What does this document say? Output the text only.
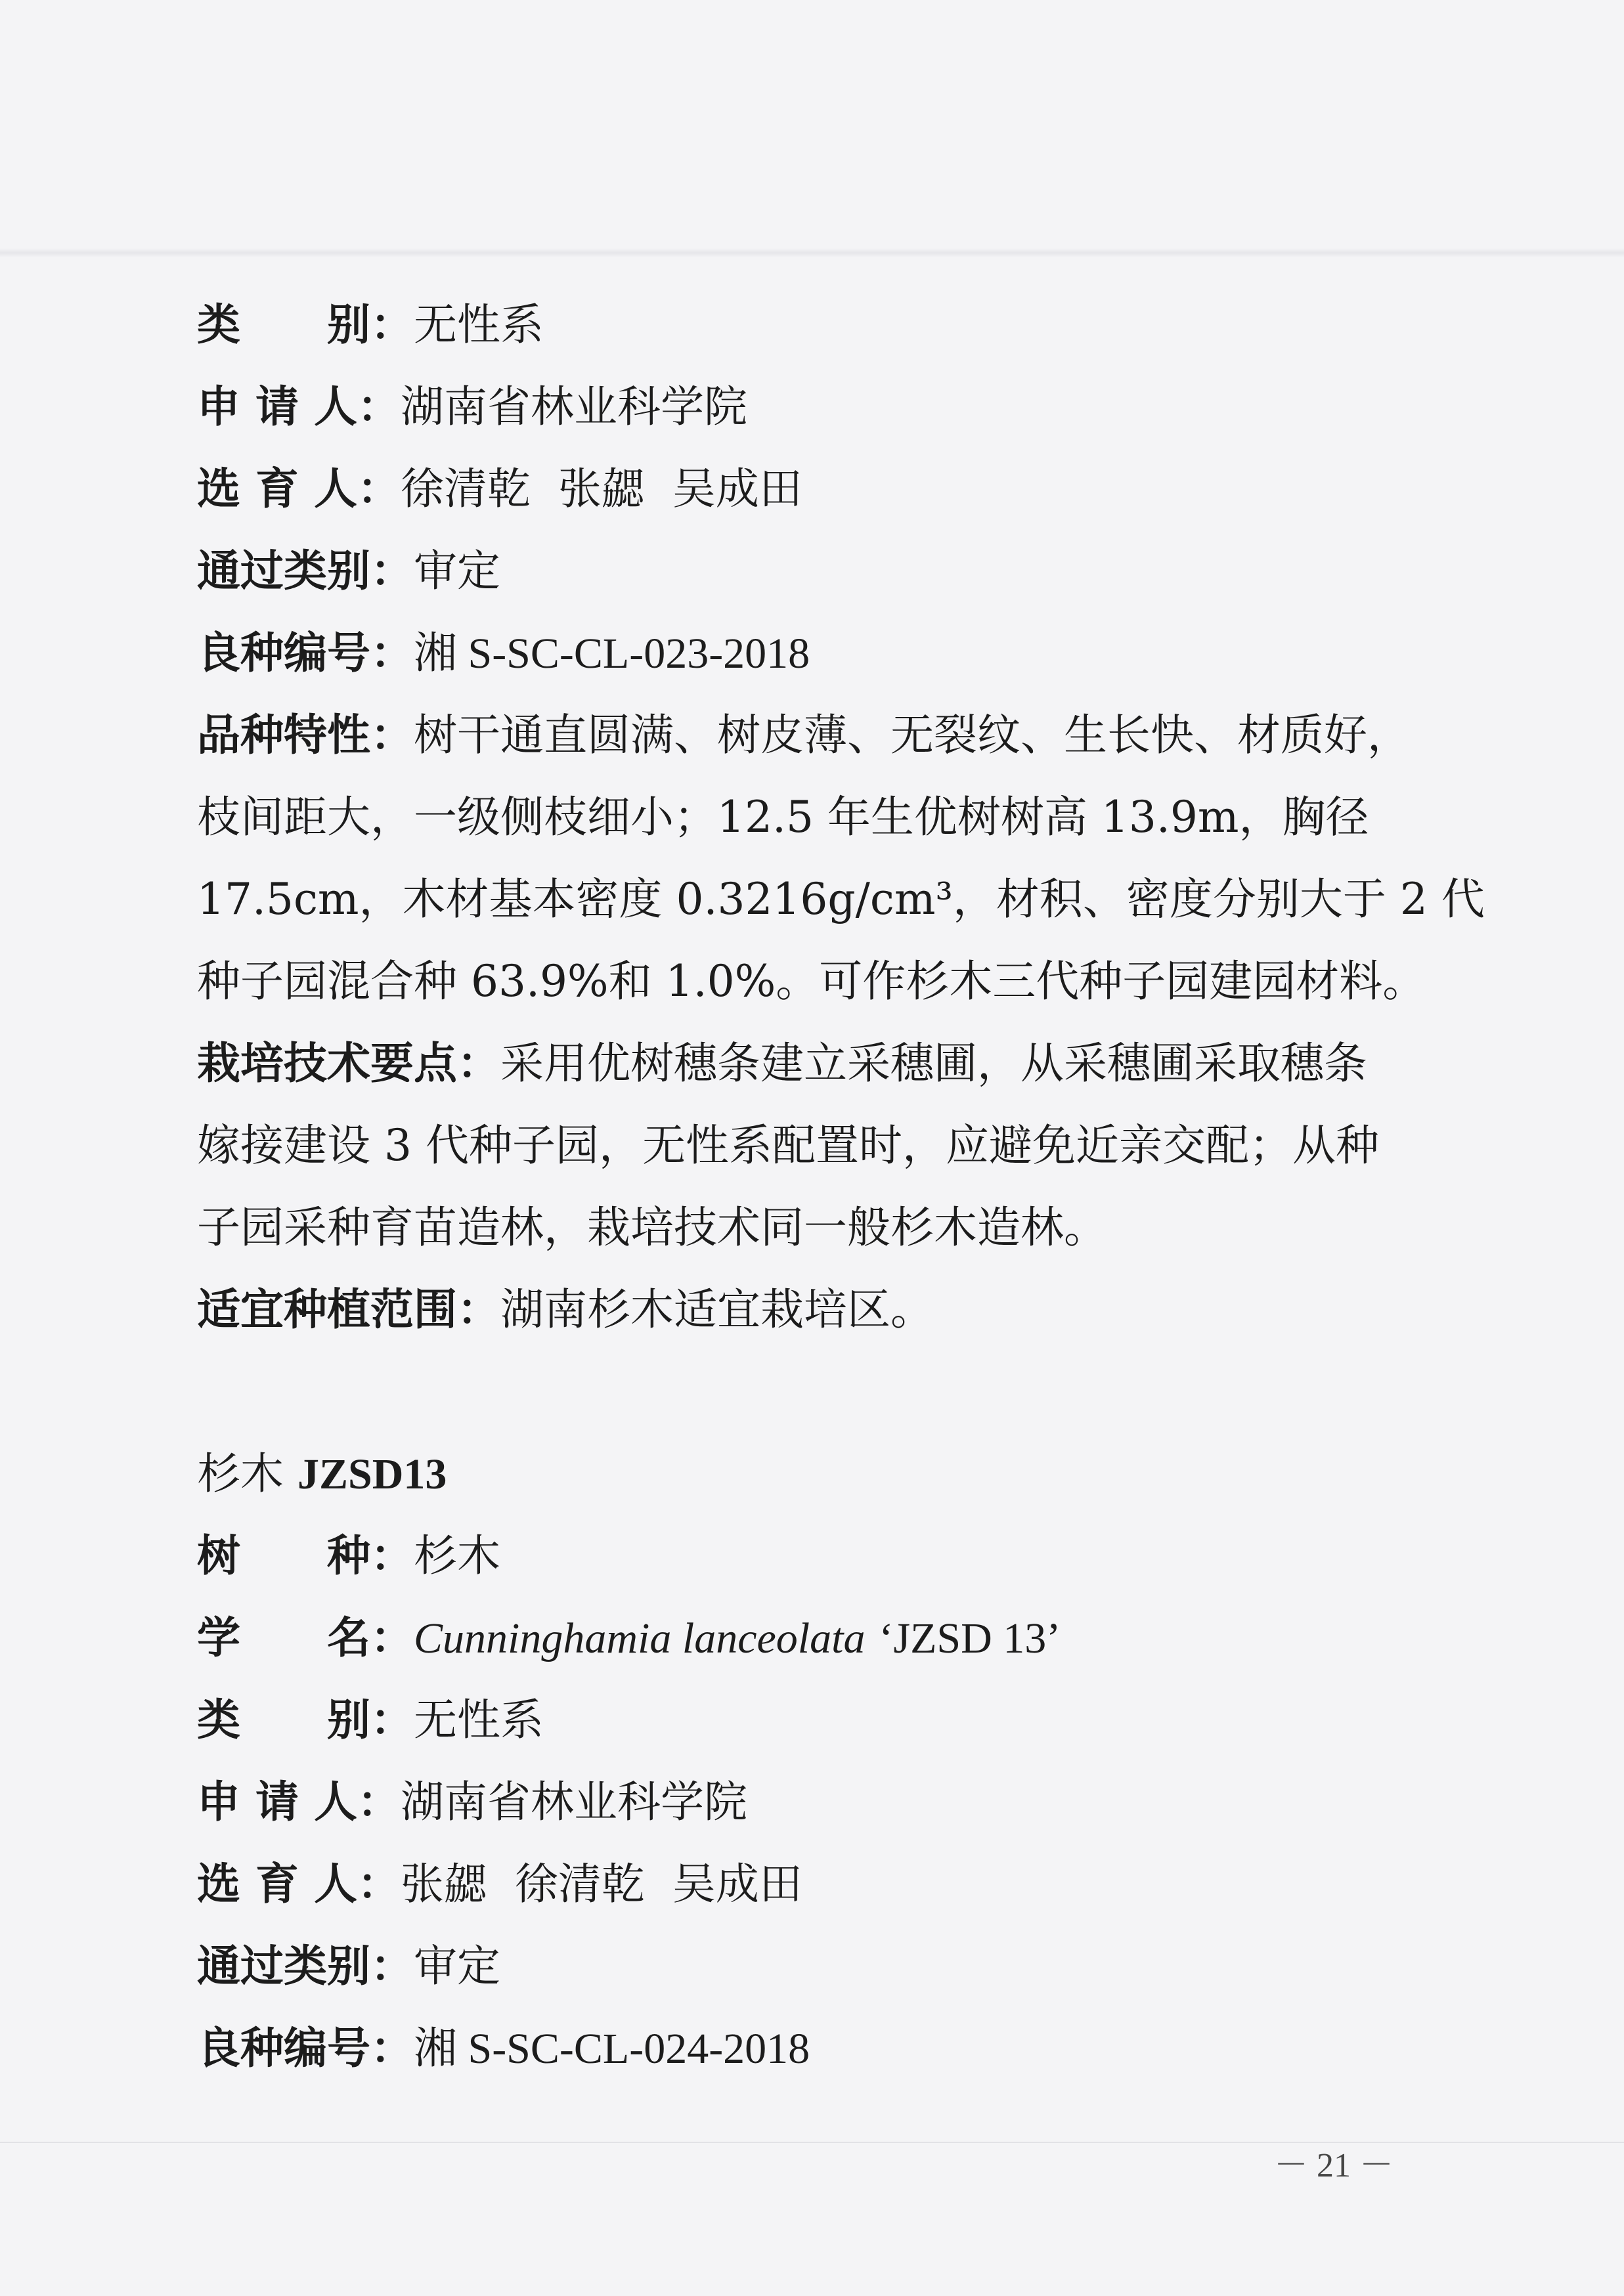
类　　别：无性系
申 请 人：湖南省林业科学院
选 育 人：徐清乾  张勰  吴成田
通过类别：审定
良种编号：湘 S-SC-CL-023-2018
品种特性：树干通直圆满、树皮薄、无裂纹、生长快、材质好，
枝间距大，一级侧枝细小；12.5 年生优树树高 13.9m，胸径
17.5cm，木材基本密度 0.3216g/cm³，材积、密度分别大于 2 代
种子园混合种 63.9%和 1.0%。可作杉木三代种子园建园材料。
栽培技术要点：采用优树穗条建立采穗圃，从采穗圃采取穗条
嫁接建设 3 代种子园，无性系配置时，应避免近亲交配；从种
子园采种育苗造林，栽培技术同一般杉木造林。
适宜种植范围：湖南杉木适宜栽培区。
杉木 JZSD13
树　　种：杉木
学　　名：Cunninghamia lanceolata ‘JZSD 13’
类　　别：无性系
申 请 人：湖南省林业科学院
选 育 人：张勰  徐清乾  吴成田
通过类别：审定
良种编号：湘 S-SC-CL-024-2018
－ 21 －
